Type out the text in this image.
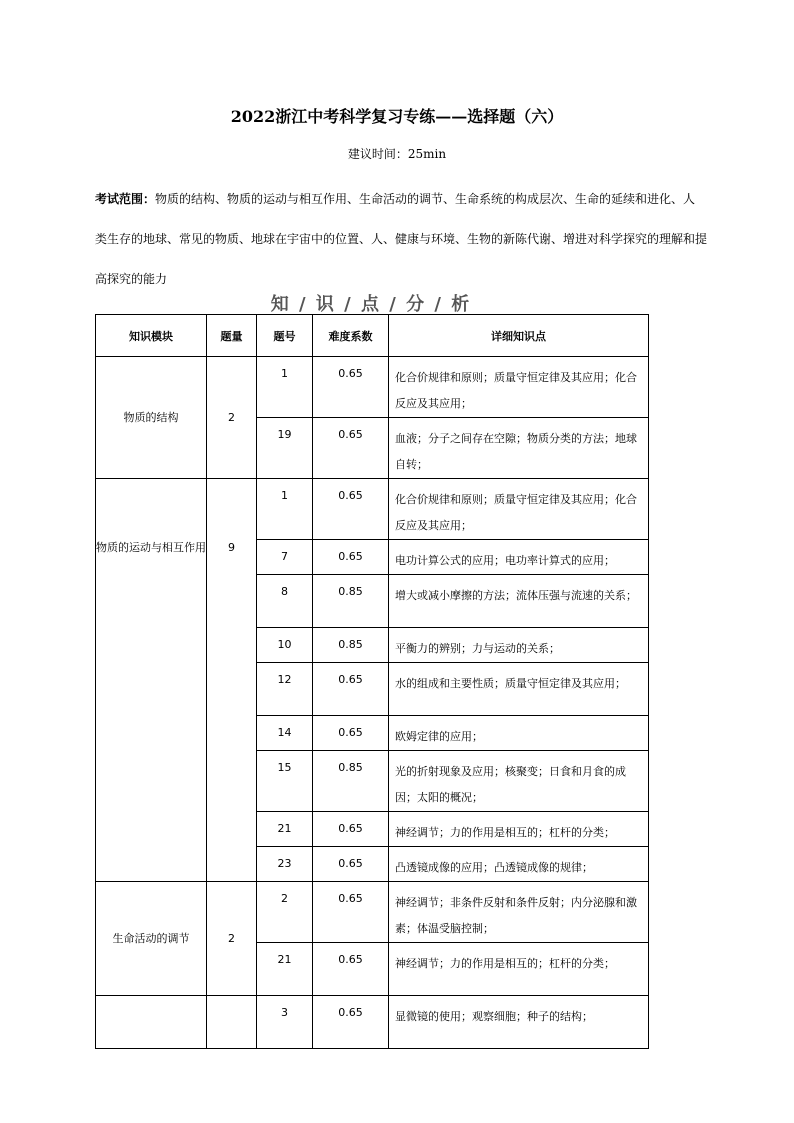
2022浙江中考科学复习专练——选择题（六）
建议时间：25min
考试范围：物质的结构、物质的运动与相互作用、生命活动的调节、生命系统的构成层次、生命的延续和进化、人类生存的地球、常见的物质、地球在宇宙中的位置、人、健康与环境、生物的新陈代谢、增进对科学探究的理解和提高探究的能力
知 / 识 / 点 / 分 / 析
知识模块	题量	题号	难度系数	详细知识点
物质的结构	2	1	0.65	化合价规律和原则；质量守恒定律及其应用；化合反应及其应用；
		19	0.65	血液；分子之间存在空隙；物质分类的方法；地球自转；
物质的运动与相互作用	9	1	0.65	化合价规律和原则；质量守恒定律及其应用；化合反应及其应用；
		7	0.65	电功计算公式的应用；电功率计算式的应用；
		8	0.85	增大或减小摩擦的方法；流体压强与流速的关系；
		10	0.85	平衡力的辨别；力与运动的关系；
		12	0.65	水的组成和主要性质；质量守恒定律及其应用；
		14	0.65	欧姆定律的应用；
		15	0.85	光的折射现象及应用；核聚变；日食和月食的成因；太阳的概况；
		21	0.65	神经调节；力的作用是相互的；杠杆的分类；
		23	0.65	凸透镜成像的应用；凸透镜成像的规律；
生命活动的调节	2	2	0.65	神经调节；非条件反射和条件反射；内分泌腺和激素；体温受脑控制；
		21	0.65	神经调节；力的作用是相互的；杠杆的分类；
		3	0.65	显微镜的使用；观察细胞；种子的结构；
